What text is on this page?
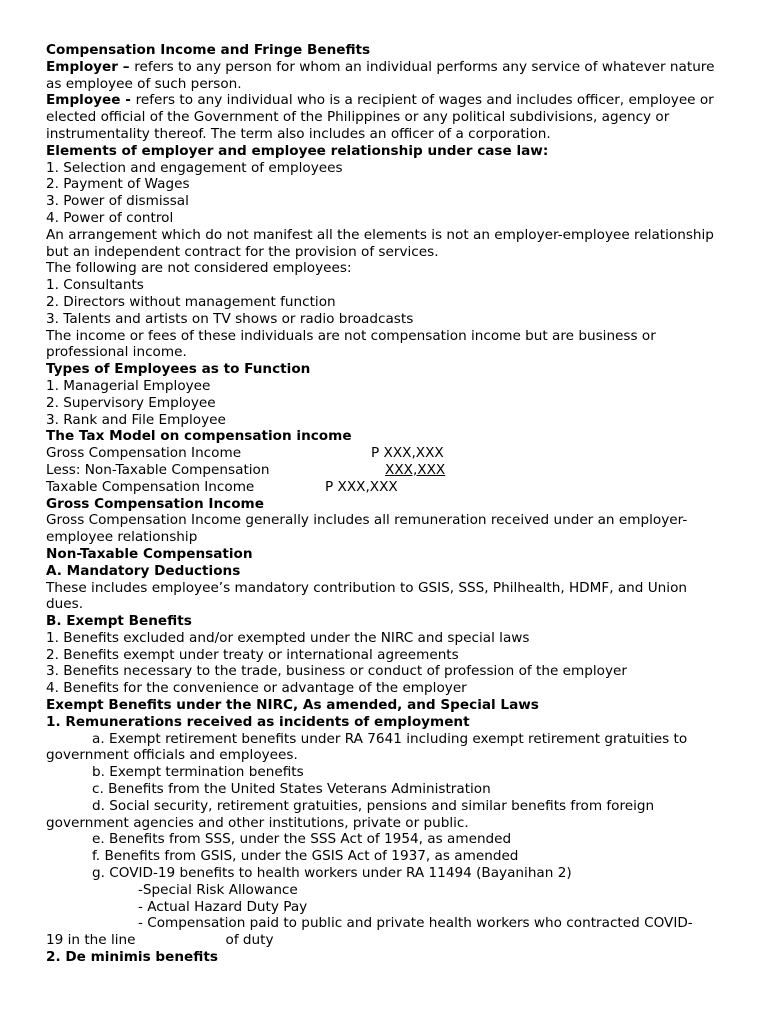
Compensation Income and Fringe Benefits

Employer – refers to any person for whom an individual performs any service of whatever nature as employee of such person.

Employee - refers to any individual who is a recipient of wages and includes officer, employee or elected official of the Government of the Philippines or any political subdivisions, agency or instrumentality thereof. The term also includes an officer of a corporation.

Elements of employer and employee relationship under case law:

1. Selection and engagement of employees

2. Payment of Wages

3. Power of dismissal

4. Power of control

An arrangement which do not manifest all the elements is not an employer-employee relationship but an independent contract for the provision of services.

The following are not considered employees:

1. Consultants

2. Directors without management function

3. Talents and artists on TV shows or radio broadcasts

The income or fees of these individuals are not compensation income but are business or professional income.

Types of Employees as to Function

1. Managerial Employee

2. Supervisory Employee

3. Rank and File Employee

The Tax Model on compensation income

Gross Compensation Income	P XXX,XXX
Less: Non-Taxable Compensation	XXX,XXX
Taxable Compensation Income	P XXX,XXX

Gross Compensation Income

Gross Compensation Income generally includes all remuneration received under an employer-employee relationship

Non-Taxable Compensation

A. Mandatory Deductions

These includes employee’s mandatory contribution to GSIS, SSS, Philhealth, HDMF, and Union dues.

B. Exempt Benefits

1. Benefits excluded and/or exempted under the NIRC and special laws

2. Benefits exempt under treaty or international agreements

3. Benefits necessary to the trade, business or conduct of profession of the employer

4. Benefits for the convenience or advantage of the employer

Exempt Benefits under the NIRC, As amended, and Special Laws

1. Remunerations received as incidents of employment

a. Exempt retirement benefits under RA 7641 including exempt retirement gratuities to government officials and employees.

b. Exempt termination benefits

c. Benefits from the United States Veterans Administration

d. Social security, retirement gratuities, pensions and similar benefits from foreign government agencies and other institutions, private or public.

e. Benefits from SSS, under the SSS Act of 1954, as amended

f. Benefits from GSIS, under the GSIS Act of 1937, as amended

g. COVID-19 benefits to health workers under RA 11494 (Bayanihan 2)

-Special Risk Allowance

- Actual Hazard Duty Pay

- Compensation paid to public and private health workers who contracted COVID-

19 in the line	of duty

2. De minimis benefits
